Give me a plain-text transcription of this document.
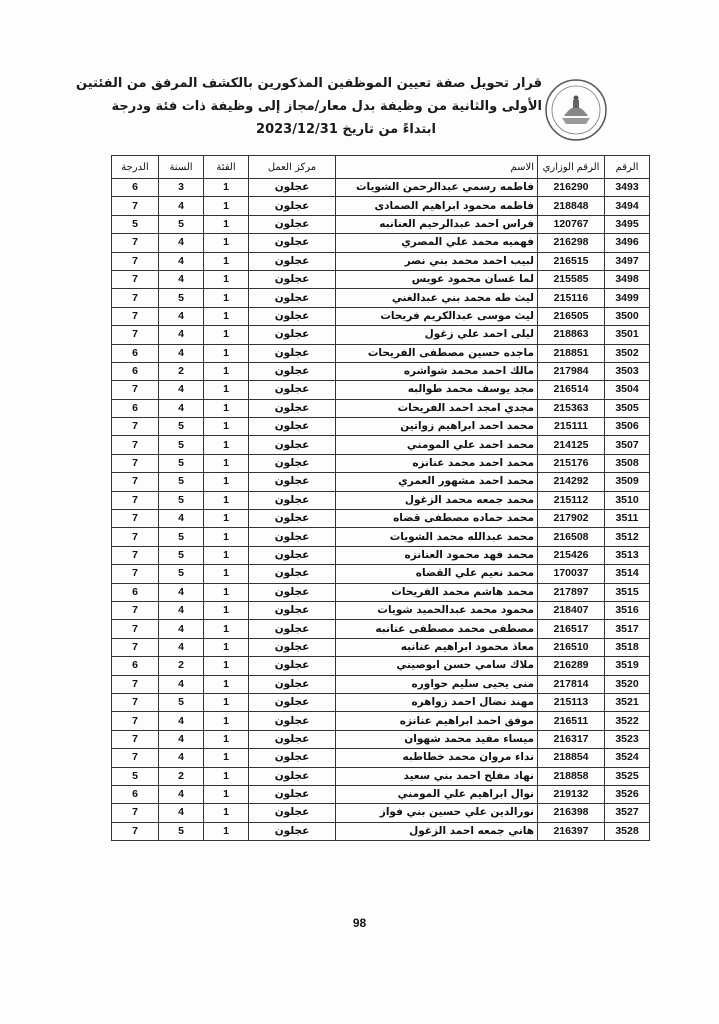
قرار تحويل صفة تعيين الموظفين المذكورين بالكشف المرفق من الفئتين
الأولى والثانية من وظيفة بدل معار/مجاز إلى وظيفة ذات فئة ودرجة
ابتداءً من تاريخ 2023/12/31
الرقم	الرقم الوزاري	الاسم	مركز العمل	الفئة	السنة	الدرجة
3493	216290	فاطمه رسمي عبدالرحمن الشويات	عجلون	1	3	6
3494	218848	فاطمه محمود ابراهيم الصمادى	عجلون	1	4	7
3495	120767	فراس احمد عبدالرحيم العنانبه	عجلون	1	5	5
3496	216298	فهميه محمد علي المصري	عجلون	1	4	7
3497	216515	لبيب احمد محمد بني نصر	عجلون	1	4	7
3498	215585	لما غسان محمود عويس	عجلون	1	4	7
3499	215116	ليث طه محمد بني عبدالغني	عجلون	1	5	7
3500	216505	ليث موسى عبدالكريم فريحات	عجلون	1	4	7
3501	218863	ليلى احمد علي زغول	عجلون	1	4	7
3502	218851	ماجده حسين مصطفى الفريحات	عجلون	1	4	6
3503	217984	مالك احمد محمد شواشره	عجلون	1	2	6
3504	216514	مجد يوسف محمد طوالبه	عجلون	1	4	7
3505	215363	مجدي امجد احمد الفريحات	عجلون	1	4	6
3506	215111	محمد احمد ابراهيم زواتين	عجلون	1	5	7
3507	214125	محمد احمد علي المومني	عجلون	1	5	7
3508	215176	محمد احمد محمد عنانزه	عجلون	1	5	7
3509	214292	محمد احمد مشهور العمري	عجلون	1	5	7
3510	215112	محمد جمعه محمد الزغول	عجلون	1	5	7
3511	217902	محمد حماده مصطفى قضاه	عجلون	1	4	7
3512	216508	محمد عبدالله محمد الشويات	عجلون	1	5	7
3513	215426	محمد فهد محمود العنانزه	عجلون	1	5	7
3514	170037	محمد نعيم علي القضاه	عجلون	1	5	7
3515	217897	محمد هاشم محمد الفريحات	عجلون	1	4	6
3516	218407	محمود محمد عبدالحميد شويات	عجلون	1	4	7
3517	216517	مصطفى محمد مصطفى عنانبه	عجلون	1	4	7
3518	216510	معاذ محمود ابراهيم عنانبه	عجلون	1	4	7
3519	216289	ملاك سامي حسن ابوصيني	عجلون	1	2	6
3520	217814	منى يحيى سليم حواوره	عجلون	1	4	7
3521	215113	مهند نضال احمد زواهره	عجلون	1	5	7
3522	216511	موفق احمد ابراهيم عنانزه	عجلون	1	4	7
3523	216317	ميساء مفيد محمد شهوان	عجلون	1	4	7
3524	218854	نداء مروان محمد خطاطبه	عجلون	1	4	7
3525	218858	نهاد مفلح احمد بني سعيد	عجلون	1	2	5
3526	219132	نوال ابراهيم علي المومني	عجلون	1	4	6
3527	216398	نورالدين علي حسين بني فواز	عجلون	1	4	7
3528	216397	هاني جمعه احمد الزغول	عجلون	1	5	7
98
